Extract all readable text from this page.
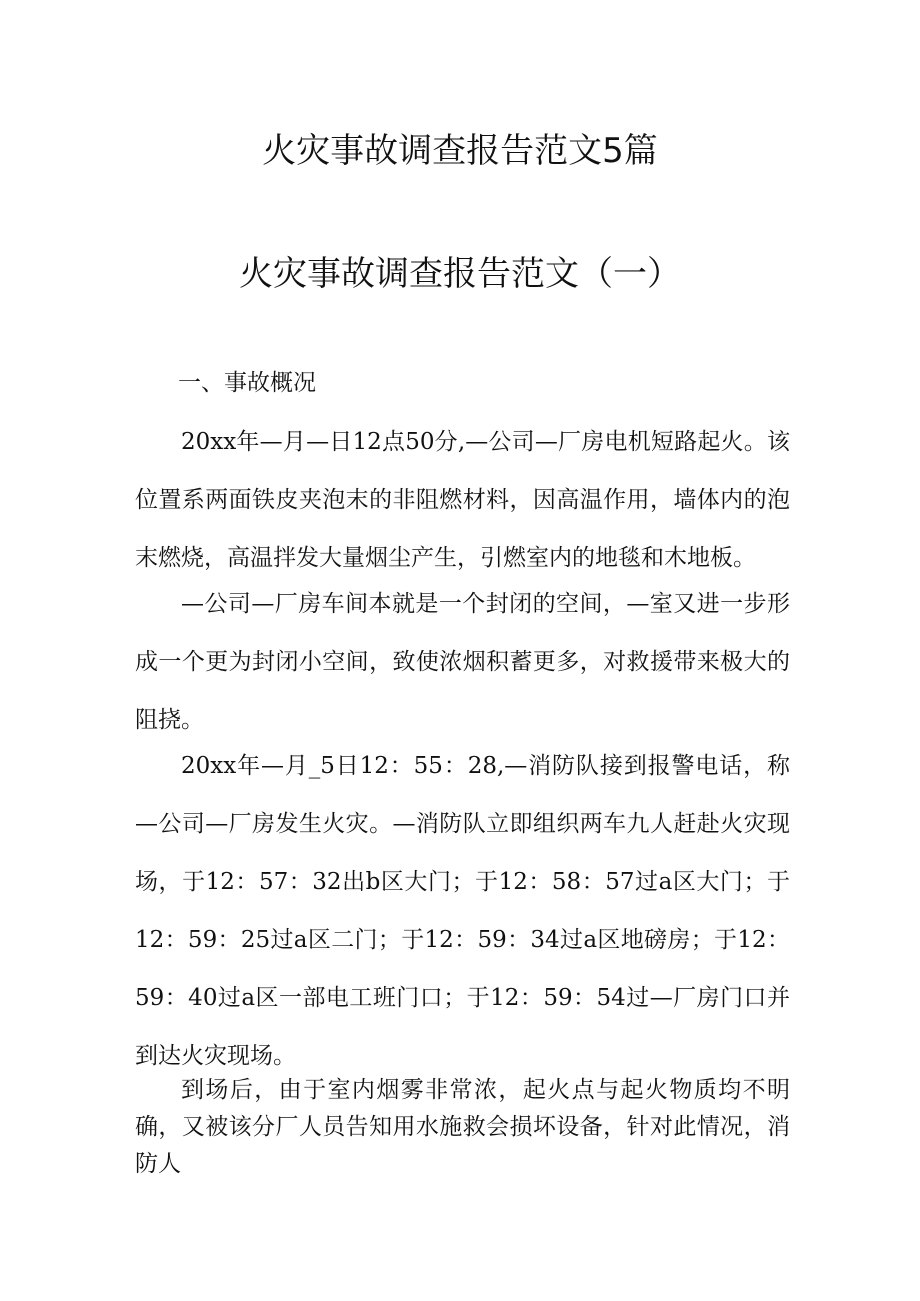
火灾事故调查报告范文5篇
火灾事故调查报告范文（一）
一、事故概况

20xx年—月—日12点50分,—公司—厂房电机短路起火。该位置系两面铁皮夹泡末的非阻燃材料，因高温作用，墙体内的泡末燃烧，高温拌发大量烟尘产生，引燃室内的地毯和木地板。

—公司—厂房车间本就是一个封闭的空间，—室又进一步形成一个更为封闭小空间，致使浓烟积蓄更多，对救援带来极大的阻挠。

20xx年—月_5日12：55：28,—消防队接到报警电话，称—公司—厂房发生火灾。—消防队立即组织两车九人赶赴火灾现场，于12：57：32出b区大门；于12：58：57过a区大门；于12：59：25过a区二门；于12：59：34过a区地磅房；于12：59：40过a区一部电工班门口；于12：59：54过—厂房门口并到达火灾现场。

到场后，由于室内烟雾非常浓，起火点与起火物质均不明确，又被该分厂人员告知用水施救会损坏设备，针对此情况，消防人
